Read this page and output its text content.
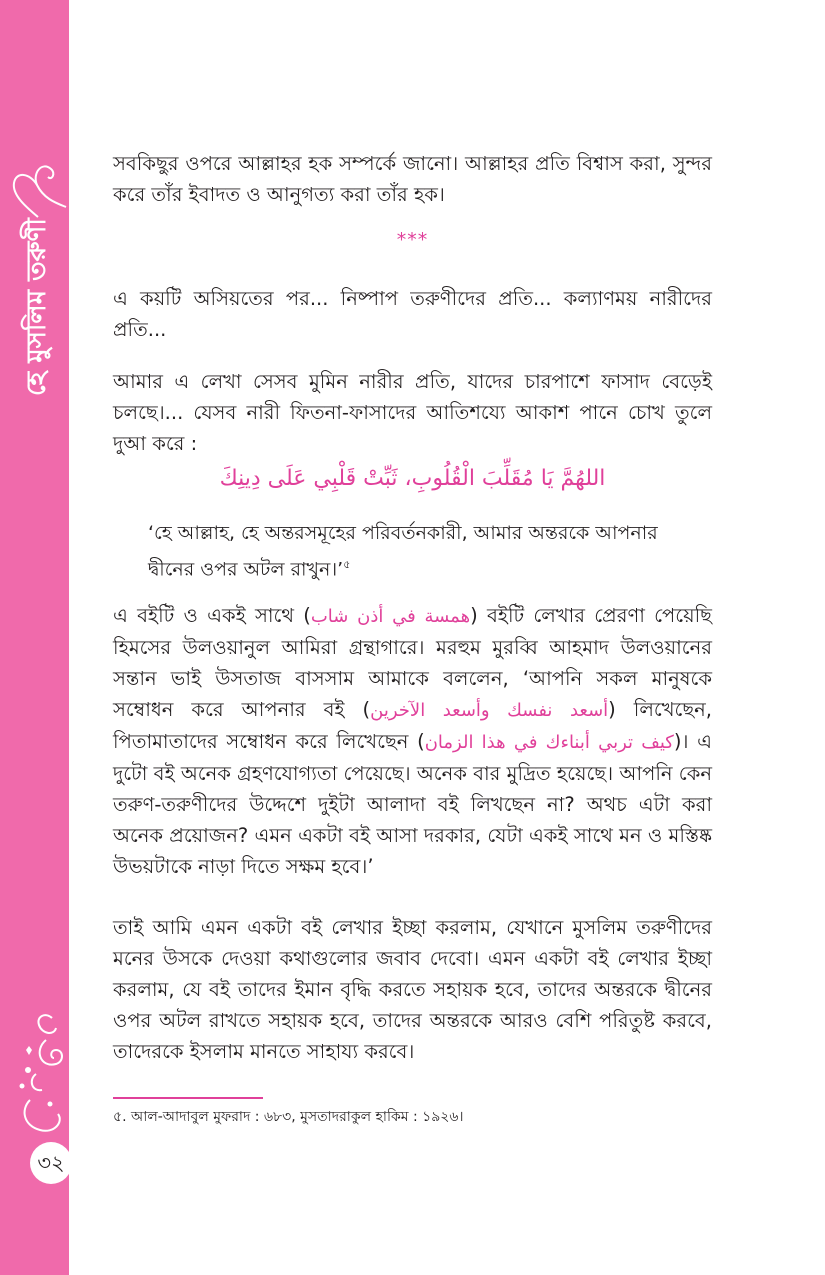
হে মুসলিম তরুণী
৩২
সবকিছুর ওপরে আল্লাহর হক সম্পর্কে জানো। আল্লাহর প্রতি বিশ্বাস করা, সুন্দর করে তাঁর ইবাদত ও আনুগত্য করা তাঁর হক।
***
এ কয়টি অসিয়তের পর... নিষ্পাপ তরুণীদের প্রতি... কল্যাণময় নারীদের প্রতি...
আমার এ লেখা সেসব মুমিন নারীর প্রতি, যাদের চারপাশে ফাসাদ বেড়েই চলছে।... যেসব নারী ফিতনা-ফাসাদের আতিশয্যে আকাশ পানে চোখ তুলে দুআ করে :
اللهُمَّ يَا مُقَلِّبَ الْقُلُوبِ، ثَبِّتْ قَلْبِي عَلَى دِينِكَ
‘হে আল্লাহ, হে অন্তরসমূহের পরিবর্তনকারী, আমার অন্তরকে আপনার দ্বীনের ওপর অটল রাখুন।’$^৫$
এ বইটি ও একই সাথে (همسة في أذن شاب) বইটি লেখার প্রেরণা পেয়েছি হিমসের উলওয়ানুল আমিরা গ্রন্থাগারে। মরহুম মুরব্বি আহমাদ উলওয়ানের সন্তান ভাই উসতাজ বাসসাম আমাকে বললেন, ‘আপনি সকল মানুষকে সম্বোধন করে আপনার বই (أسعد نفسك وأسعد الآخرين) লিখেছেন, পিতামাতাদের সম্বোধন করে লিখেছেন (كيف تربي أبناءك في هذا الزمان)। এ দুটো বই অনেক গ্রহণযোগ্যতা পেয়েছে। অনেক বার মুদ্রিত হয়েছে। আপনি কেন তরুণ-তরুণীদের উদ্দেশে দুইটা আলাদা বই লিখছেন না? অথচ এটা করা অনেক প্রয়োজন? এমন একটা বই আসা দরকার, যেটা একই সাথে মন ও মস্তিষ্ক উভয়টাকে নাড়া দিতে সক্ষম হবে।’
তাই আমি এমন একটা বই লেখার ইচ্ছা করলাম, যেখানে মুসলিম তরুণীদের মনের উসকে দেওয়া কথাগুলোর জবাব দেবো। এমন একটা বই লেখার ইচ্ছা করলাম, যে বই তাদের ইমান বৃদ্ধি করতে সহায়ক হবে, তাদের অন্তরকে দ্বীনের ওপর অটল রাখতে সহায়ক হবে, তাদের অন্তরকে আরও বেশি পরিতুষ্ট করবে, তাদেরকে ইসলাম মানতে সাহায্য করবে।
৫. আল-আদাবুল মুফরাদ : ৬৮৩, মুসতাদরাকুল হাকিম : ১৯২৬।
